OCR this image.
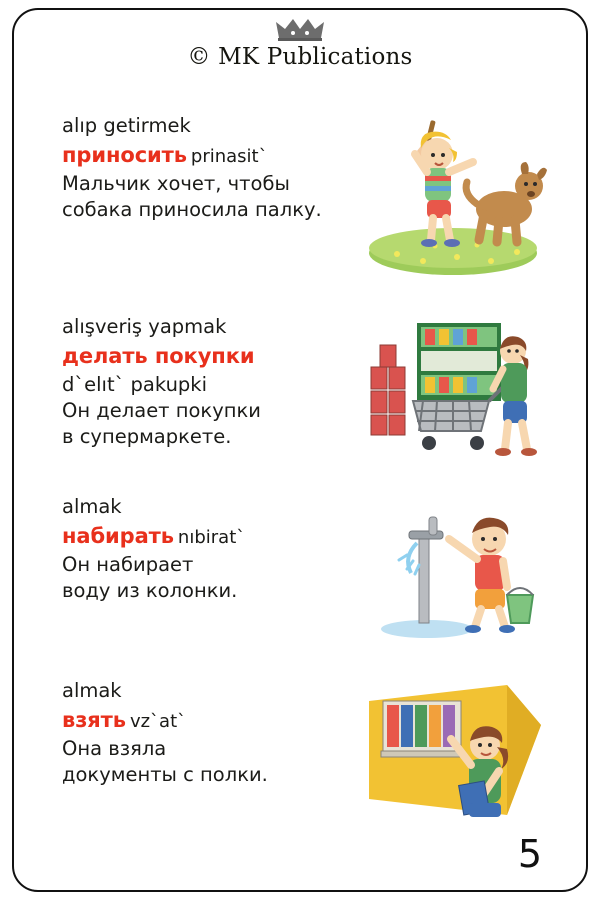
© MK Publications
alıp getirmek
приносить prinasit`
Мальчик хочет, чтобы
собака приносила палку.
alışveriş yapmak
делать покупки
d`elıt` pakupki
Он делает покупки
в супермаркете.
almak
набирать nıbirat`
Он набирает
воду из колонки.
almak
взять vz`at`
Она взяла
документы с полки.
5
